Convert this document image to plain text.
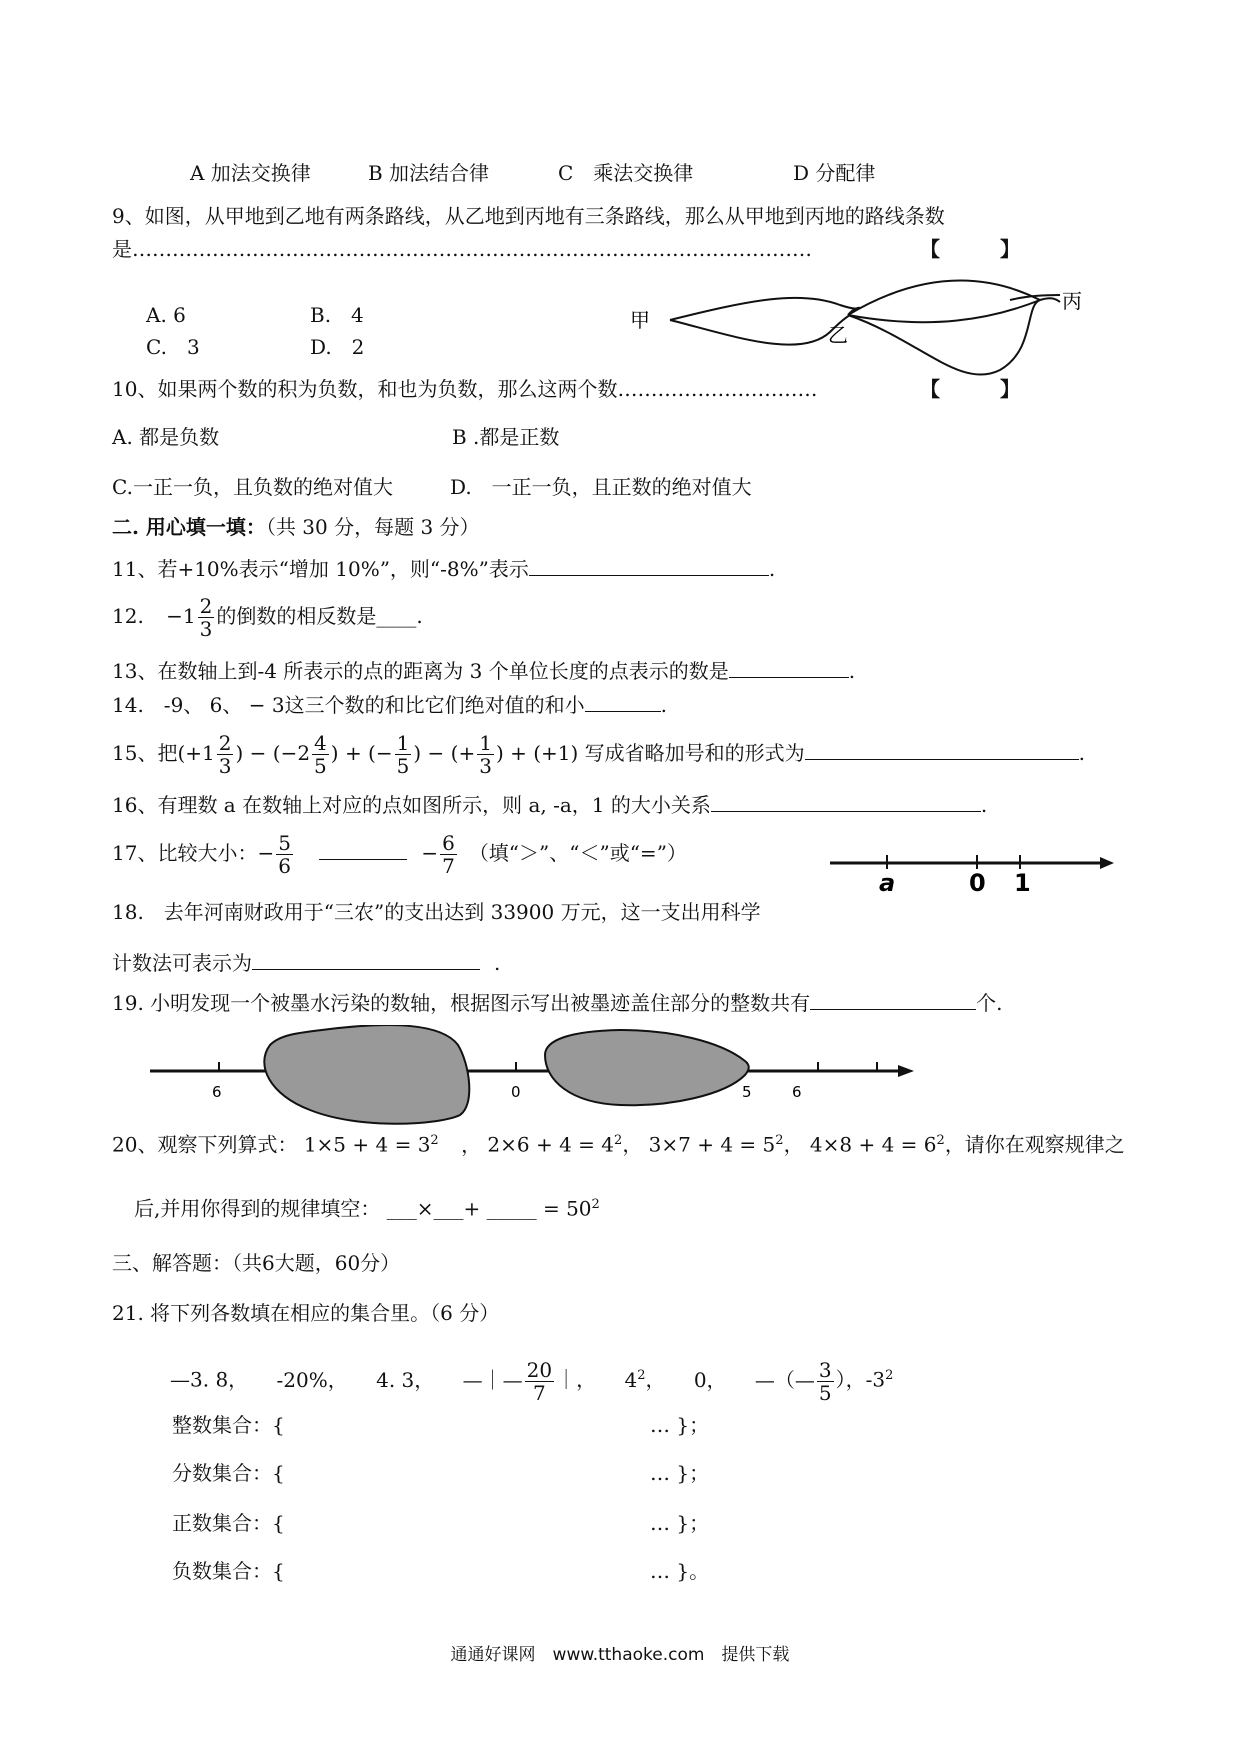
A 加法交换律	B 加法结合律	C　乘法交换律	D 分配律
9、如图，从甲地到乙地有两条路线，从乙地到丙地有三条路线，那么从甲地到丙地的路线条数
是…………………………………………………………………………………………	【　　　】
A. 6	B.　4
C.　3	D.　2
甲
乙
丙
10、如果两个数的积为负数，和也为负数，那么这两个数…………………………	【　　　】
A. 都是负数	B .都是正数
C.一正一负，且负数的绝对值大	D.　一正一负，且正数的绝对值大
二. 用心填一填：（共 30 分，每题 3 分）
11、若+10%表示“增加 10%”，则“-8%”表示	.
12. $-1 \frac{2}{3}$ 的倒数的相反数是____.
13、在数轴上到-4 所表示的点的距离为 3 个单位长度的点表示的数是	.
14.　-9、 6、 − 3这三个数的和比它们绝对值的和小	.
15、把($+1 \frac{2}{3}$ ) − ($-2 \frac{4}{5}$ ) + (− $\frac{1}{5}$ ) − (+ $\frac{1}{3}$ ) + (+1) 写成省略加号和的形式为	.
16、有理数 a 在数轴上对应的点如图所示，则 a, -a，1 的大小关系	.
17、比较大小：− $\frac{5}{6}$	− $\frac{6}{7}$ （填“＞”、“＜”或“=”）
a	0 1
18.　去年河南财政用于“三农”的支出达到 33900 万元，这一支出用科学
计数法可表示为	.
19. 小明发现一个被墨水污染的数轴，根据图示写出被墨迹盖住部分的整数共有	个.
6	0	5	6
20、观察下列算式： $1\times 5 + 4 = 3^2$ ， $2\times 6 + 4 = 4^2$， $3\times 7 + 4 = 5^2$， $4\times 8 + 4 = 6^2$，请你在观察规律之
后,并用你得到的规律填空： ___×___+ _____ = $50^2$
三、解答题：（共6大题，60分）
21. 将下列各数填在相应的集合里。（6 分）
—3. 8， -20%， 4. 3， —｜— $\frac{20}{7}$ ｜， $4^2$， 0， —（— $\frac{3}{5}$ ），$-3^2$
整数集合：{	… }；
分数集合：{	… }；
正数集合：{	… }；
负数集合：{	… }。
通通好课网　www.tthaoke.com　提供下载
